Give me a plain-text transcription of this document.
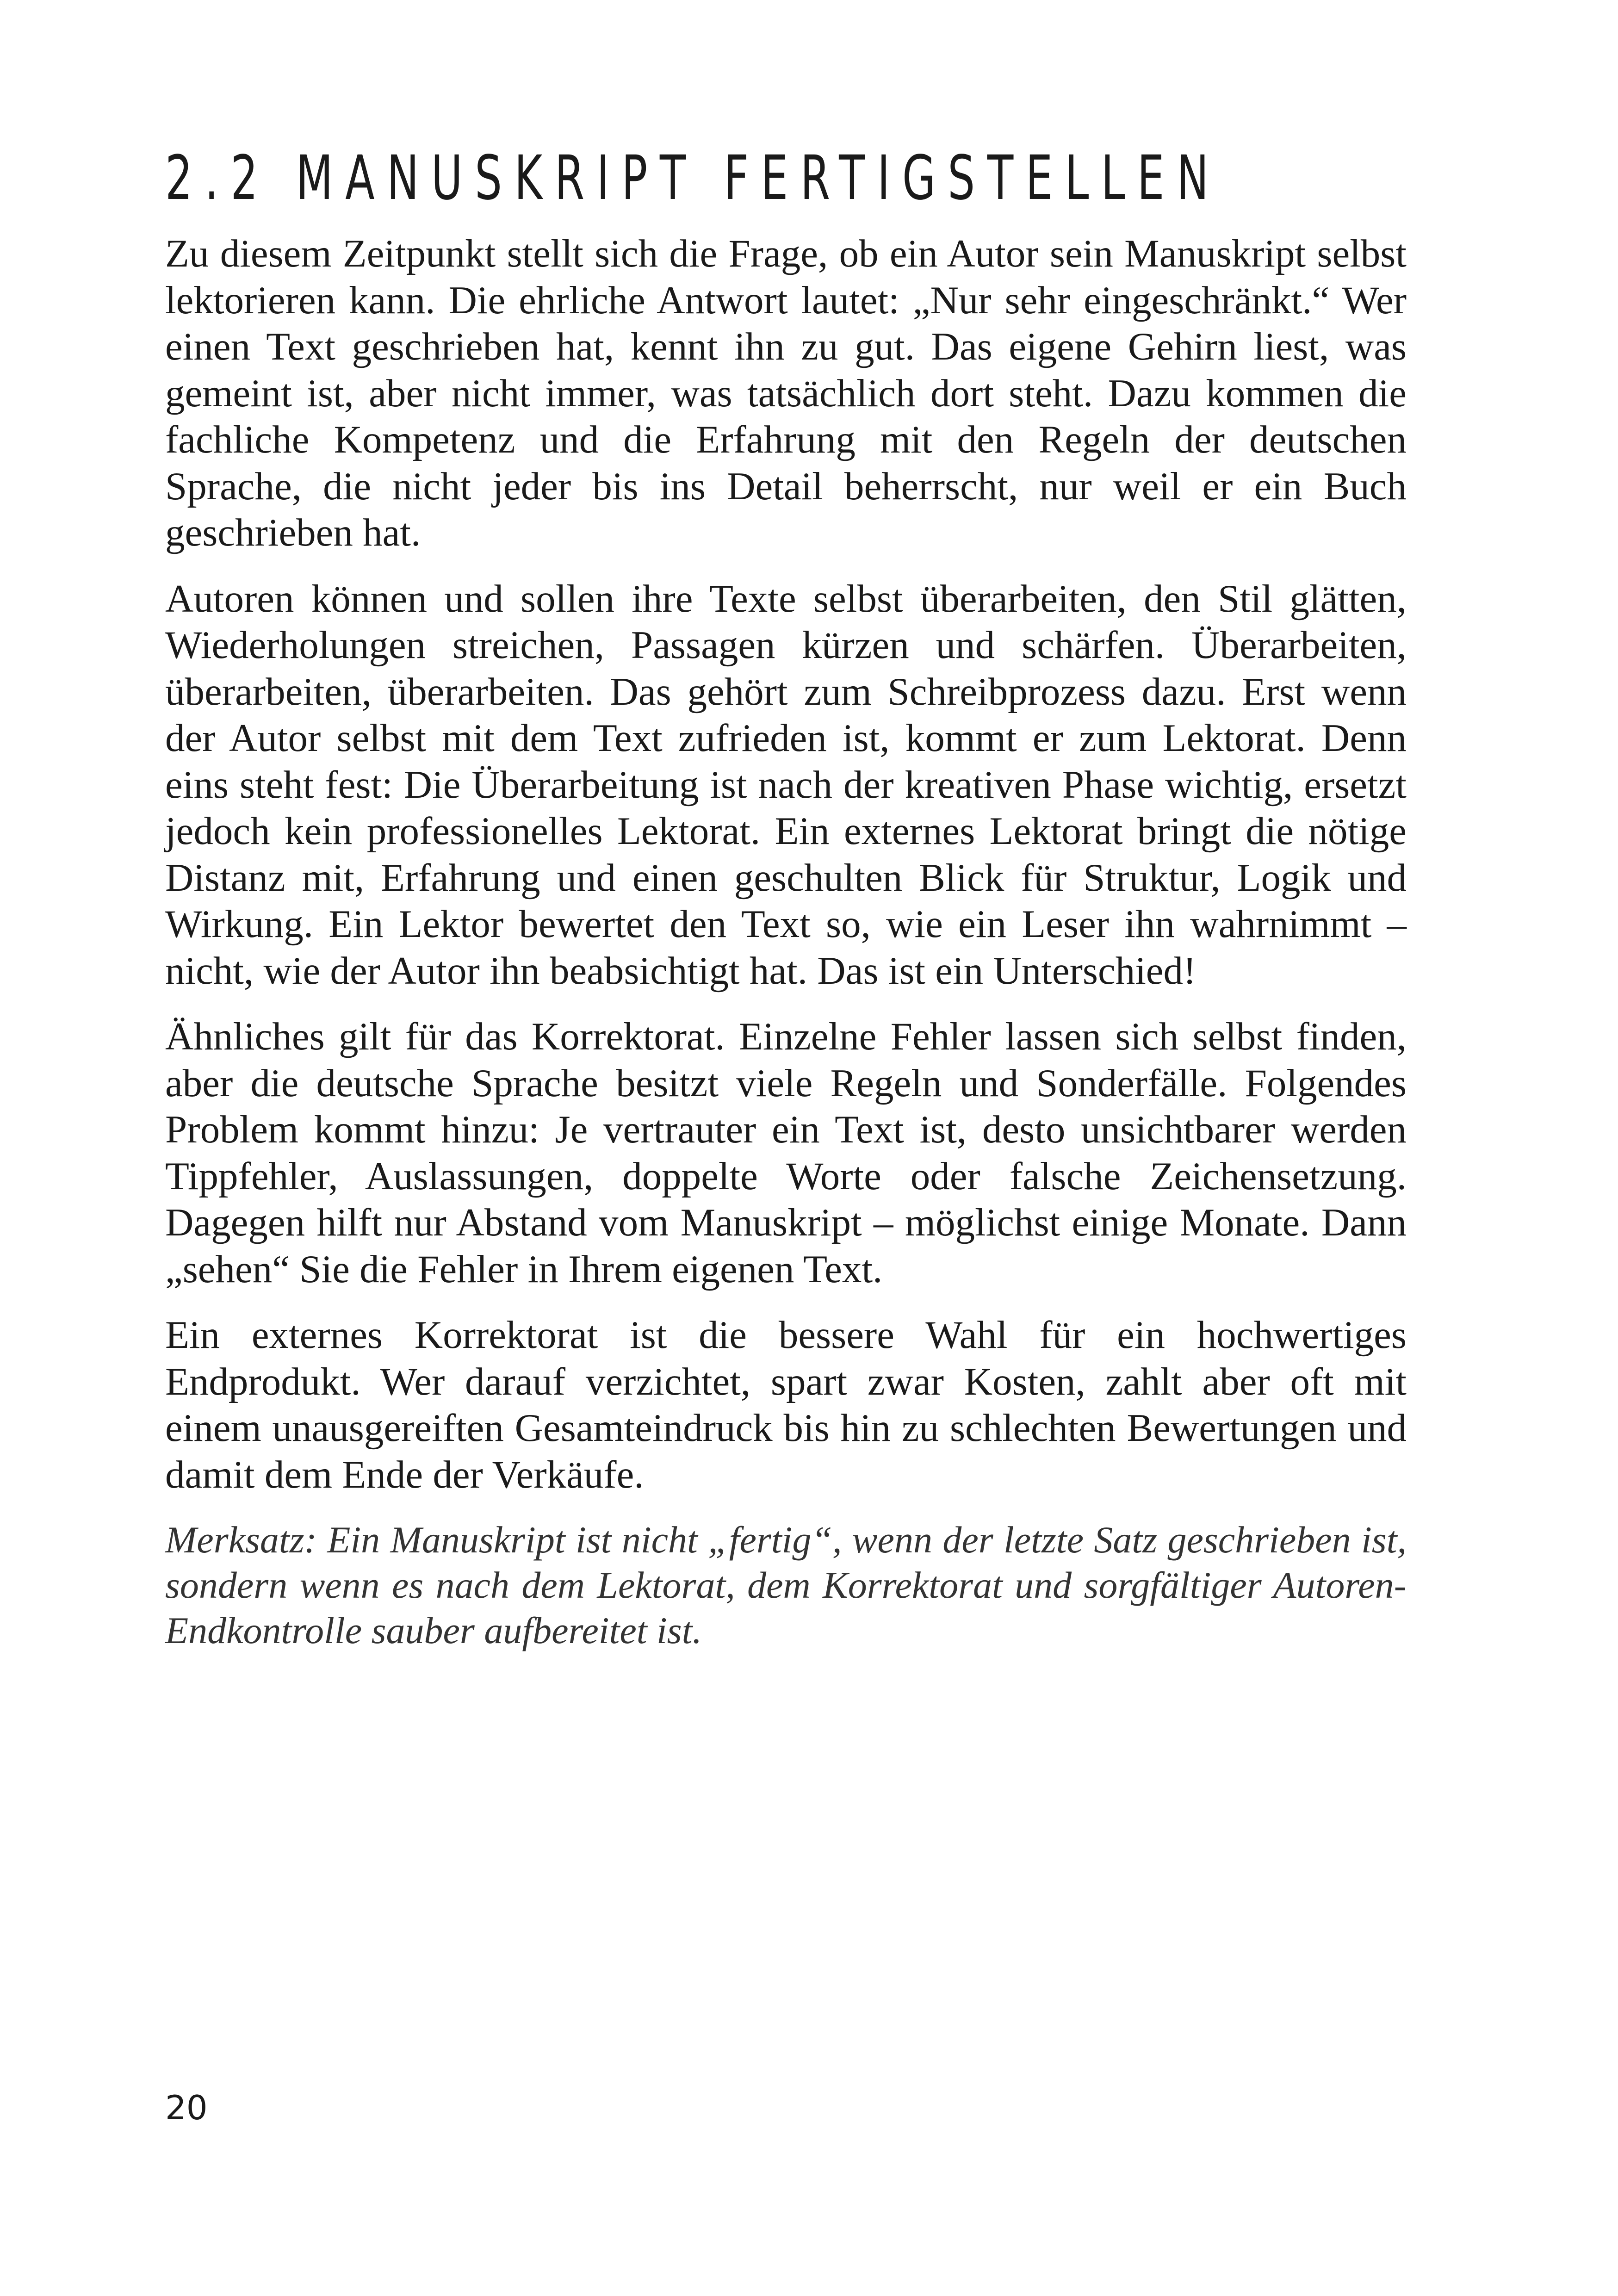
2.2 MANUSKRIPT FERTIGSTELLEN

Zu diesem Zeitpunkt stellt sich die Frage, ob ein Autor sein Manuskript selbst lektorieren kann. Die ehrliche Antwort lautet: „Nur sehr eingeschränkt.“ Wer einen Text geschrieben hat, kennt ihn zu gut. Das eigene Gehirn liest, was gemeint ist, aber nicht immer, was tatsächlich dort steht. Dazu kommen die fachliche Kompetenz und die Erfahrung mit den Regeln der deutschen Sprache, die nicht jeder bis ins Detail beherrscht, nur weil er ein Buch geschrieben hat.

Autoren können und sollen ihre Texte selbst überarbeiten, den Stil glätten, Wiederholungen streichen, Passagen kürzen und schärfen. Überarbeiten, überarbeiten, überarbeiten. Das gehört zum Schreibprozess dazu. Erst wenn der Autor selbst mit dem Text zufrieden ist, kommt er zum Lektorat. Denn eins steht fest: Die Überarbeitung ist nach der kreativen Phase wichtig, ersetzt jedoch kein professionelles Lektorat. Ein externes Lektorat bringt die nötige Distanz mit, Erfahrung und einen geschulten Blick für Struktur, Logik und Wirkung. Ein Lektor bewertet den Text so, wie ein Leser ihn wahrnimmt – nicht, wie der Autor ihn beabsichtigt hat. Das ist ein Unterschied!

Ähnliches gilt für das Korrektorat. Einzelne Fehler lassen sich selbst finden, aber die deutsche Sprache besitzt viele Regeln und Sonderfälle. Folgendes Problem kommt hinzu: Je vertrauter ein Text ist, desto unsichtbarer werden Tippfehler, Auslassungen, doppelte Worte oder falsche Zeichensetzung. Dagegen hilft nur Abstand vom Manuskript – möglichst einige Monate. Dann „sehen“ Sie die Fehler in Ihrem eigenen Text.

Ein externes Korrektorat ist die bessere Wahl für ein hochwertiges Endprodukt. Wer darauf verzichtet, spart zwar Kosten, zahlt aber oft mit einem unausgereiften Gesamteindruck bis hin zu schlechten Bewertungen und damit dem Ende der Verkäufe.

Merksatz: Ein Manuskript ist nicht „fertig“, wenn der letzte Satz geschrieben ist, sondern wenn es nach dem Lektorat, dem Korrektorat und sorgfältiger Autoren-Endkontrolle sauber aufbereitet ist.

20
